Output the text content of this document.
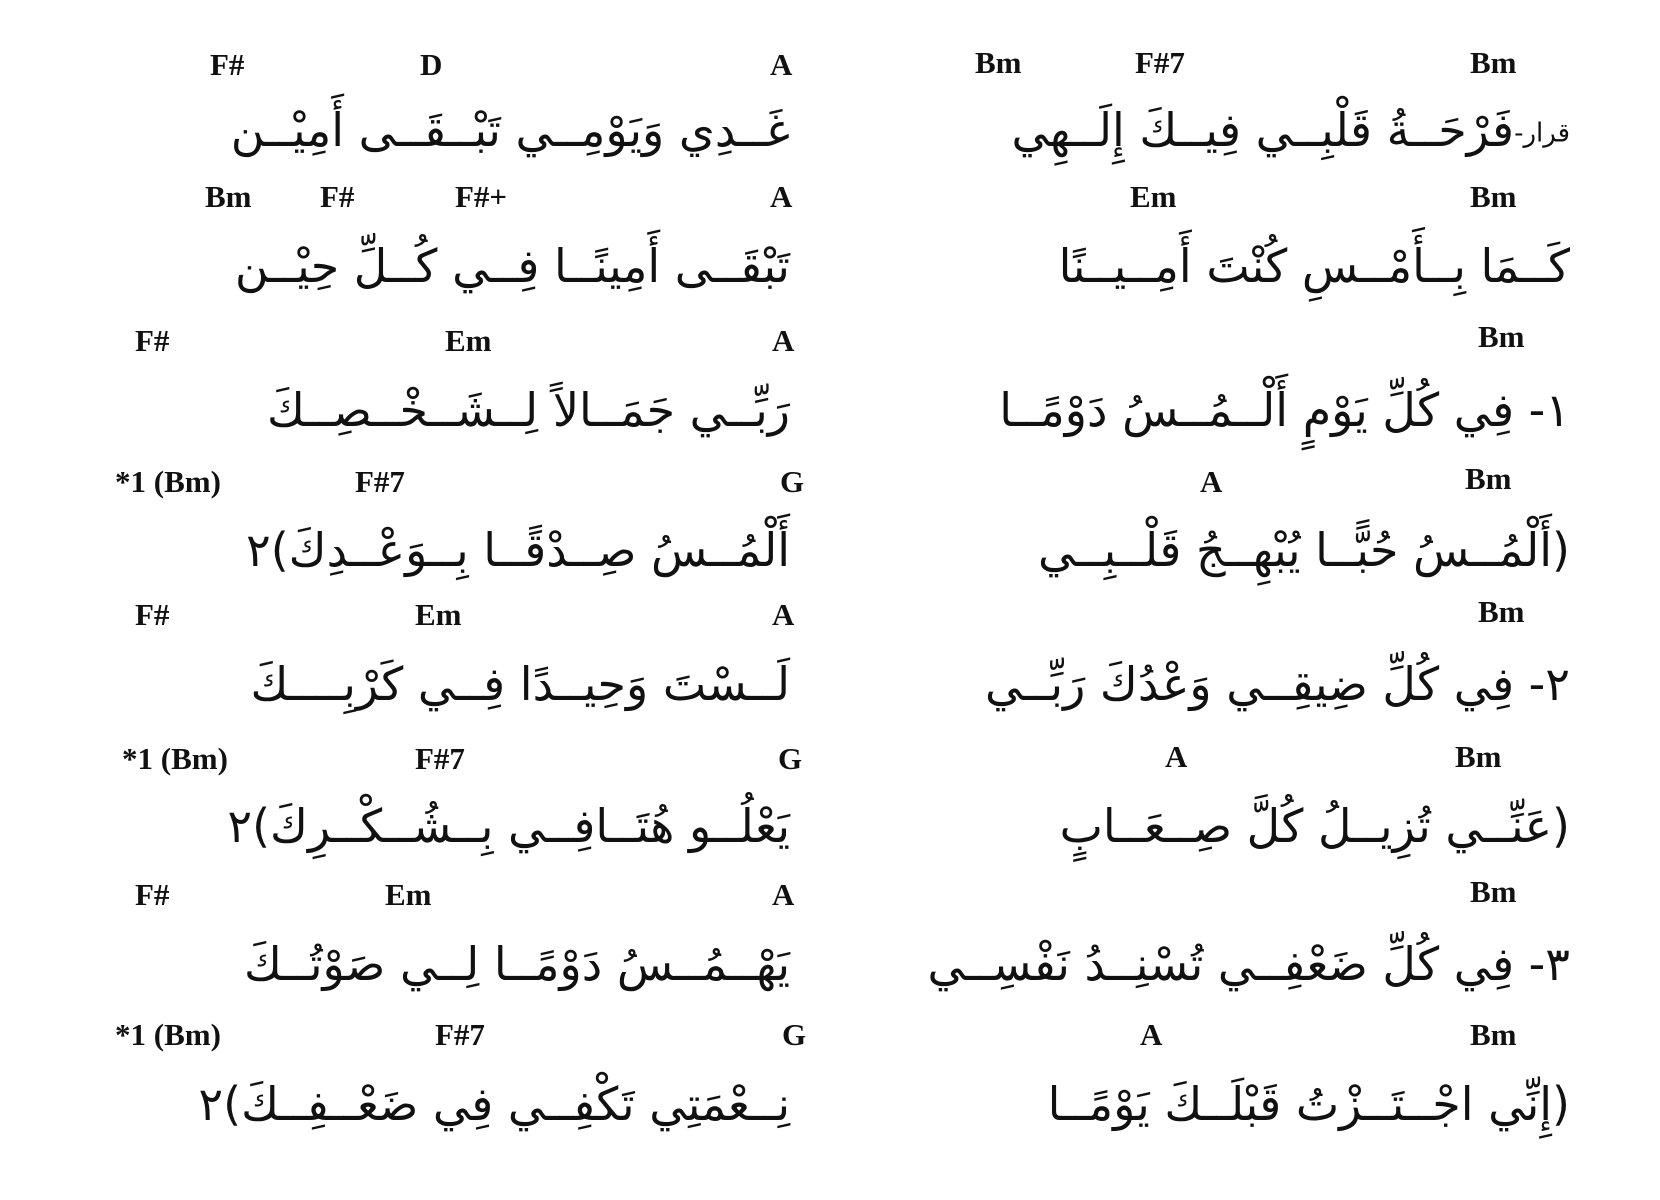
F#	D	A
غَــدِي وَيَوْمِــي تَبْــقَــى أَمِيْــن
Bm	F#7	Bm
قرار-فَرْحَــةُ قَلْبِــي فِيــكَ إِلَــهِي
Bm F#	F#+	A
تَبْقَــى أَمِينًــا فِــي كُــلِّ حِيْــن
Em	Bm
كَــمَا بِــأَمْــسِ كُنْتَ أَمِــيــنًا
F#	Em	A
رَبِّــي جَمَــالاً لِــشَــخْــصِــكَ
Bm
١- فِي كُلِّ يَوْمٍ أَلْــمُــسُ دَوْمًــا
*1 (Bm)	F#7	G
أَلْمُــسُ صِــدْقًــا بِــوَعْــدِكَ)٢
A	Bm
(أَلْمُــسُ حُبًّــا يُبْهِــجُ قَلْــبِــي
F#	Em	A
لَــسْتَ وَحِيــدًا فِــي كَرْبِــــكَ
Bm
٢- فِي كُلِّ ضِيقِــي وَعْدُكَ رَبِّــي
*1 (Bm)	F#7	G
يَعْلُــو هُتَــافِــي بِــشُــكْــرِكَ)٢
A	Bm
(عَنِّــي تُزِيــلُ كُلَّ صِــعَــابٍ
F#	Em	A
يَهْــمُــسُ دَوْمًــا لِــي صَوْتُــكَ
Bm
٣- فِي كُلِّ ضَعْفِــي تُسْنِــدُ نَفْسِــي
*1 (Bm)	F#7	G
نِــعْمَتِي تَكْفِــي فِي ضَعْــفِــكَ)٢
A	Bm
(إِنِّي اجْــتَــزْتُ قَبْلَــكَ يَوْمًــا
